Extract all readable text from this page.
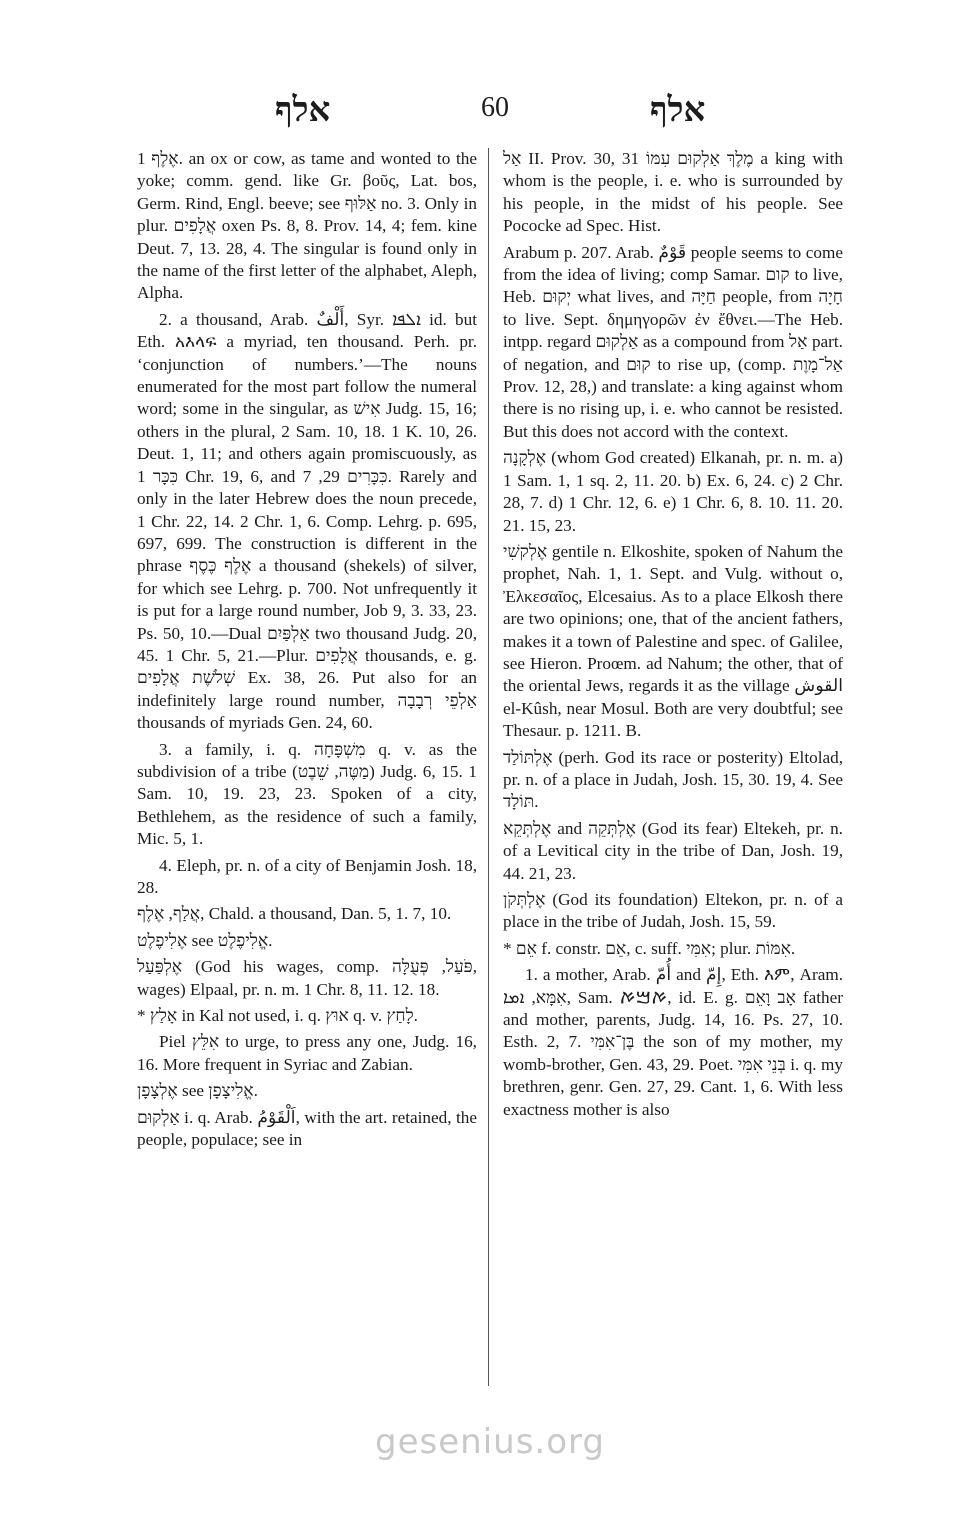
אלף	60	אלף

אֶלֶף 1. an ox or cow, as tame and wonted to the yoke; comm. gend. like Gr. βοῦς, Lat. bos, Germ. Rind, Engl. beeve; see אַלּוּף no. 3. Only in plur. אֲלָפִים oxen Ps. 8, 8. Prov. 14, 4; fem. kine Deut. 7, 13. 28, 4. The singular is found only in the name of the first letter of the alphabet, Aleph, Alpha.

2. a thousand, Arab. أَلْفٌ, Syr. ܐܠܦܐ id. but Eth. አእላፍ a myriad, ten thousand. Perh. pr. ‘conjunction of numbers.’—The nouns enumerated for the most part follow the numeral word; some in the singular, as אִישׁ Judg. 15, 16; others in the plural, 2 Sam. 10, 18. 1 K. 10, 26. Deut. 1, 11; and others again promiscuously, as כִּכָּר 1 Chr. 19, 6, and כִּכָּרִים 29, 7. Rarely and only in the later Hebrew does the noun precede, 1 Chr. 22, 14. 2 Chr. 1, 6. Comp. Lehrg. p. 695, 697, 699. The construction is different in the phrase אֶלֶף כֶּסֶף a thousand (shekels) of silver, for which see Lehrg. p. 700. Not unfrequently it is put for a large round number, Job 9, 3. 33, 23. Ps. 50, 10.—Dual אַלְפַּיִם two thousand Judg. 20, 45. 1 Chr. 5, 21.—Plur. אֲלָפִים thousands, e. g. שְׁלֹשֶׁת אֲלָפִים Ex. 38, 26. Put also for an indefinitely large round number, אַלְפֵי רְבָבָה thousands of myriads Gen. 24, 60.

3. a family, i. q. מִשְׁפָּחָה q. v. as the subdivision of a tribe (מַטֶּה, שֵׁבֶט) Judg. 6, 15. 1 Sam. 10, 19. 23, 23. Spoken of a city, Bethlehem, as the residence of such a family, Mic. 5, 1.

4. Eleph, pr. n. of a city of Benjamin Josh. 18, 28.

אֲלַף, אֶלֶף, Chald. a thousand, Dan. 5, 1. 7, 10.

אֶלִיפֶלֶט see אֱלִיפֶלֶט.

אֶלְפַּעַל (God his wages, comp. פֹּעַל, פְּעֻלָּה, wages) Elpaal, pr. n. m. 1 Chr. 8, 11. 12. 18.

* אָלַץ in Kal not used, i. q. אוּץ q. v. לָחַץ.

Piel אִלֵּץ to urge, to press any one, Judg. 16, 16. More frequent in Syriac and Zabian.

אֶלְצָפָן see אֱלִיצָפָן.

אַלְקוּם i. q. Arab. اَلْقَوْمُ, with the art. retained, the people, populace; see in

אַל II. Prov. 30, 31 מֶלֶךְ אַלְקוּם עִמּוֹ a king with whom is the people, i. e. who is surrounded by his people, in the midst of his people. See Pococke ad Spec. Hist.

Arabum p. 207. Arab. قَوْمٌ people seems to come from the idea of living; comp Samar. קום to live, Heb. יְקוּם what lives, and חַיָּה people, from חָיָה to live. Sept. δημηγορῶν ἐν ἔθνει.—The Heb. intpp. regard אַלְקוּם as a compound from אַל part. of negation, and קוּם to rise up, (comp. אַל־מָוֶת Prov. 12, 28,) and translate: a king against whom there is no rising up, i. e. who cannot be resisted. But this does not accord with the context.

אֶלְקָנָה (whom God created) Elkanah, pr. n. m. a) 1 Sam. 1, 1 sq. 2, 11. 20. b) Ex. 6, 24. c) 2 Chr. 28, 7. d) 1 Chr. 12, 6. e) 1 Chr. 6, 8. 10. 11. 20. 21. 15, 23.

אֶלְקשִׁי gentile n. Elkoshite, spoken of Nahum the prophet, Nah. 1, 1. Sept. and Vulg. without ο, Ἐλκεσαῖος, Elcesaius. As to a place Elkosh there are two opinions; one, that of the ancient fathers, makes it a town of Palestine and spec. of Galilee, see Hieron. Proœm. ad Nahum; the other, that of the oriental Jews, regards it as the village القوش el-Kûsh, near Mosul. Both are very doubtful; see Thesaur. p. 1211. B.

אֶלְתּוֹלַד (perh. God its race or posterity) Eltolad, pr. n. of a place in Judah, Josh. 15, 30. 19, 4. See תּוֹלָד.

אֶלְתְּקֵא and אֶלְתְּקֵה (God its fear) Eltekeh, pr. n. of a Levitical city in the tribe of Dan, Josh. 19, 44. 21, 23.

אֶלְתְּקֹן (God its foundation) Eltekon, pr. n. of a place in the tribe of Judah, Josh. 15, 59.

* אֵם f. constr. אֵם, c. suff. אִמִּי; plur. אִמּוֹת.

1. a mother, Arab. أُمّ and إِمّ, Eth. እም, Aram. אִמָּא, ܐܡܐ, Sam. ࠀࠌࠀ, id. E. g. אָב וָאֵם father and mother, parents, Judg. 14, 16. Ps. 27, 10. Esth. 2, 7. בֶּן־אִמִּי the son of my mother, my womb-brother, Gen. 43, 29. Poet. בְּנֵי אִמִּי i. q. my brethren, genr. Gen. 27, 29. Cant. 1, 6. With less exactness mother is also

gesenius.org
